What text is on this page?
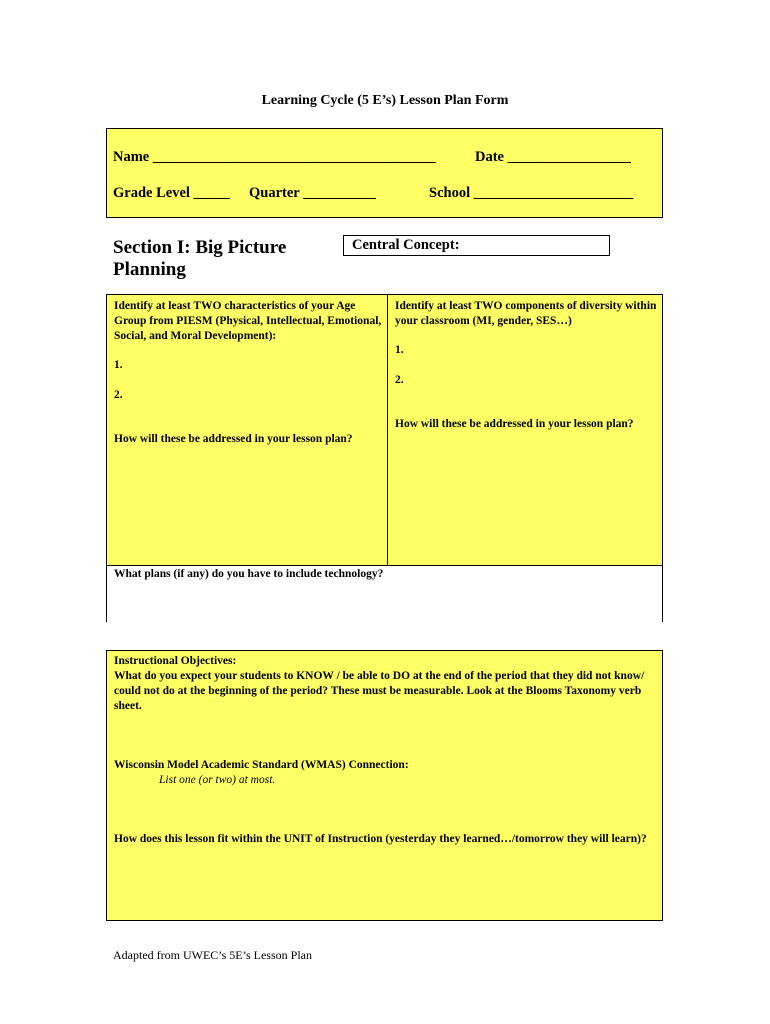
Learning Cycle (5 E’s) Lesson Plan Form
Name _______________________________________	Date _________________
Grade Level _____ Quarter __________	School ______________________
Section I: Big Picture Planning
Central Concept:
Identify at least TWO characteristics of your Age Group from PIESM (Physical, Intellectual, Emotional, Social, and Moral Development):
1.
2.
How will these be addressed in your lesson plan?
Identify at least TWO components of diversity within your classroom (MI, gender, SES…)
1.
2.
How will these be addressed in your lesson plan?
What plans (if any) do you have to include technology?
Instructional Objectives:
What do you expect your students to KNOW / be able to DO at the end of the period that they did not know/ could not do at the beginning of the period? These must be measurable. Look at the Blooms Taxonomy verb sheet.
Wisconsin Model Academic Standard (WMAS) Connection:
List one (or two) at most.
How does this lesson fit within the UNIT of Instruction (yesterday they learned…/tomorrow they will learn)?
Adapted from UWEC’s 5E’s Lesson Plan
